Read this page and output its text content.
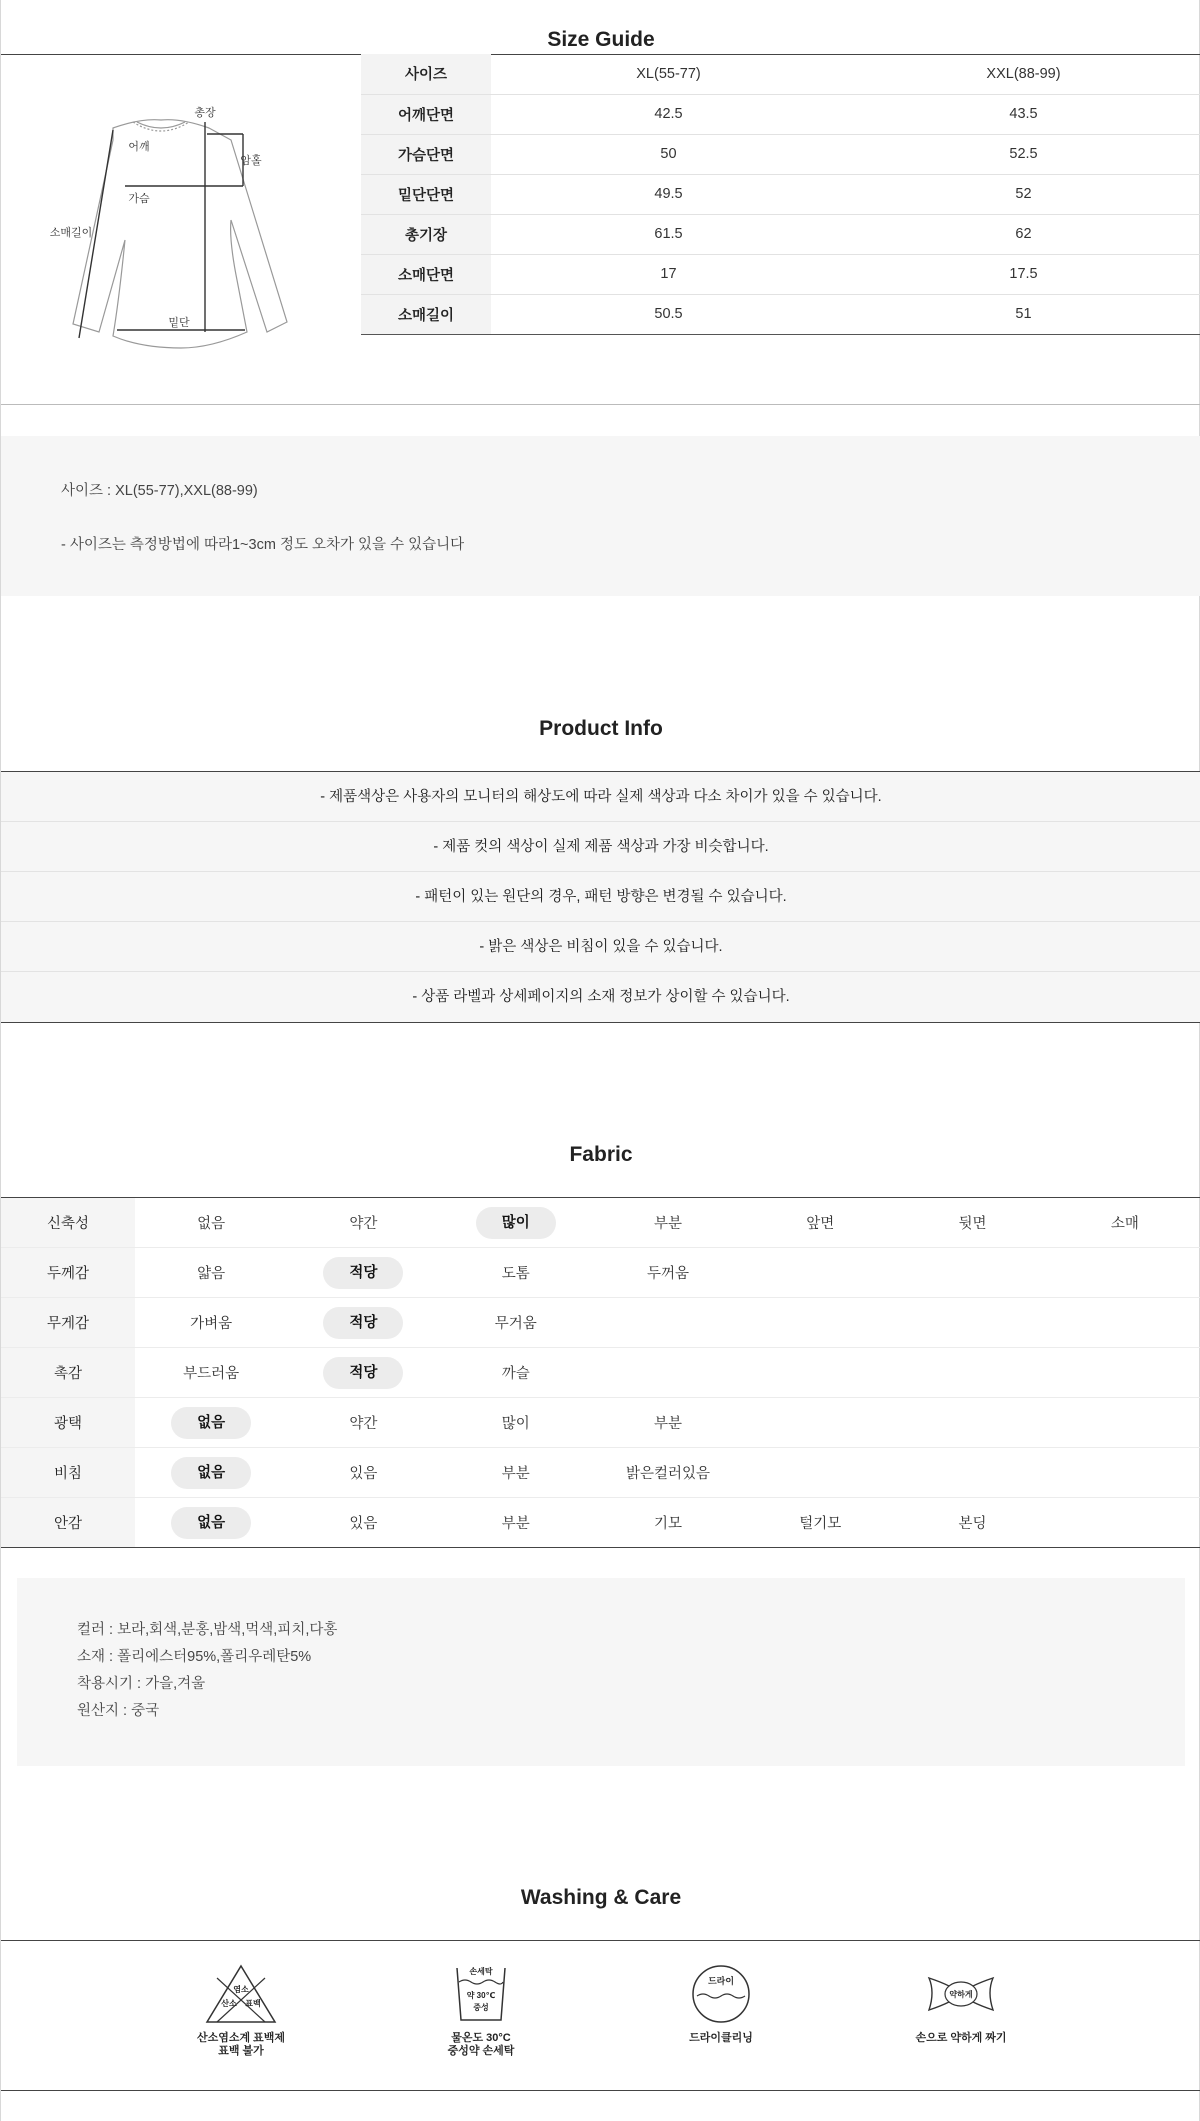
Size Guide
총장
어깨
암홀
가슴
소매길이
밑단
사이즈	XL(55-77)	XXL(88-99)
어깨단면	42.5	43.5
가슴단면	50	52.5
밑단단면	49.5	52
총기장	61.5	62
소매단면	17	17.5
소매길이	50.5	51
사이즈 : XL(55-77),XXL(88-99)
- 사이즈는 측정방법에 따라1~3cm 정도 오차가 있을 수 있습니다
Product Info
- 제품색상은 사용자의 모니터의 해상도에 따라 실제 색상과 다소 차이가 있을 수 있습니다.
- 제품 컷의 색상이 실제 제품 색상과 가장 비슷합니다.
- 패턴이 있는 원단의 경우, 패턴 방향은 변경될 수 있습니다.
- 밝은 색상은 비침이 있을 수 있습니다.
- 상품 라벨과 상세페이지의 소재 정보가 상이할 수 있습니다.
Fabric
신축성	없음	약간	많이	부분	앞면	뒷면	소매
두께감	얇음	적당	도톰	두꺼움			
무게감	가벼움	적당	무거움				
촉감	부드러움	적당	까슬				
광택	없음	약간	많이	부분			
비침	없음	있음	부분	밝은컬러있음			
안감	없음	있음	부분	기모	털기모	본딩	
컬러 : 보라,회색,분홍,밤색,먹색,피치,다홍
소재 : 폴리에스터95%,폴리우레탄5%
착용시기 : 가을,겨울
원산지 : 중국
Washing & Care
염소
산소 표백
산소염소계 표백제
표백 불가
손세탁
약 30℃
중성
물온도 30°C
중성약 손세탁
드라이
드라이클리닝
약하게
손으로 약하게 짜기
